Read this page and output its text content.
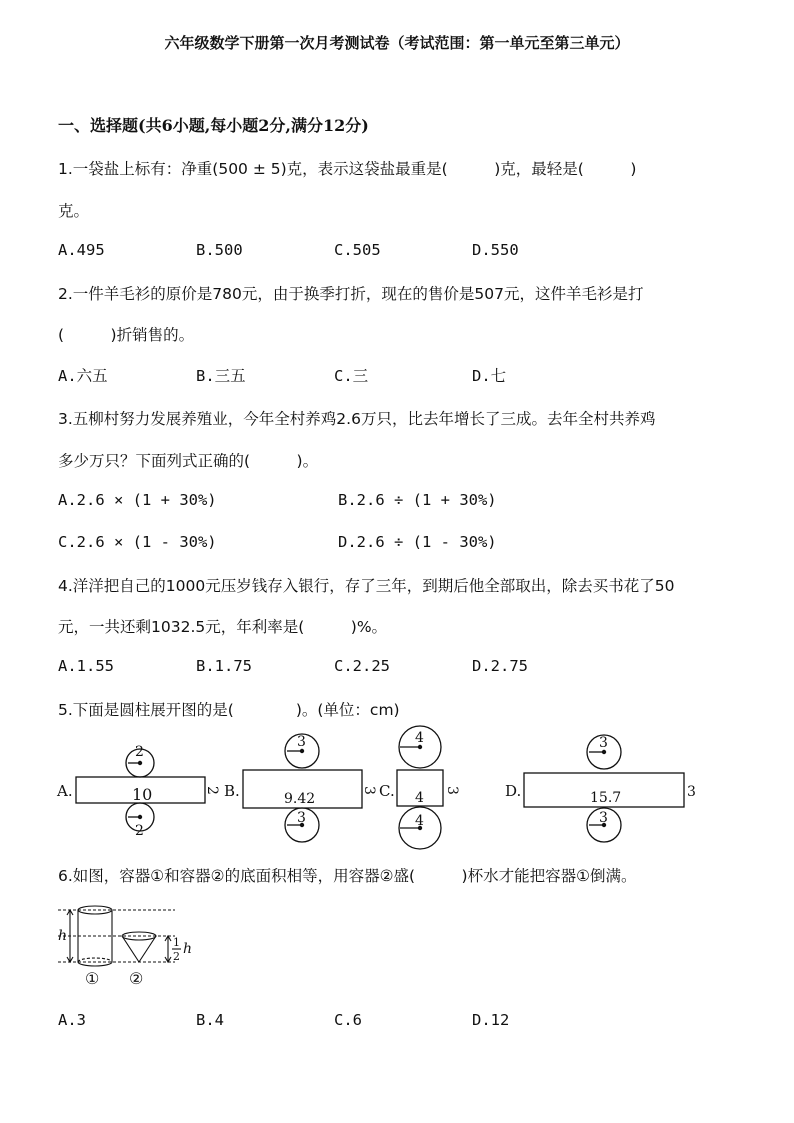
六年级数学下册第一次月考测试卷（考试范围：第一单元至第三单元）
一、选择题(共6小题,每小题2分,满分12分)
1.一袋盐上标有：净重(500 ± 5)克，表示这袋盐最重是(　　　)克，最轻是(　　　)
克。
A.495	B.500	C.505	D.550
2.一件羊毛衫的原价是780元，由于换季打折，现在的售价是507元，这件羊毛衫是打
(　　　)折销售的。
A.六五	B.三五	C.三	D.七
3.五柳村努力发展养殖业，今年全村养鸡2.6万只，比去年增长了三成。去年全村共养鸡
多少万只？下面列式正确的(　　　)。
A.2.6 × (1 + 30%)	B.2.6 ÷ (1 + 30%)
C.2.6 × (1 - 30%)	D.2.6 ÷ (1 - 30%)
4.洋洋把自己的1000元压岁钱存入银行，存了三年，到期后他全部取出，除去买书花了50
元，一共还剩1032.5元，年利率是(　　　)%。
A.1.55	B.1.75	C.2.25	D.2.75
5.下面是圆柱展开图的是(　　　　)。(单位：cm)
A.	10
2
2
2 B.	9.42
3
3
3 C. 4
4
4
3	D.	15.7
3
3
3
6.如图，容器①和容器②的底面积相等，用容器②盛(　　　)杯水才能把容器①倒满。
h	1
2 h
① ②
A.3	B.4	C.6	D.12
